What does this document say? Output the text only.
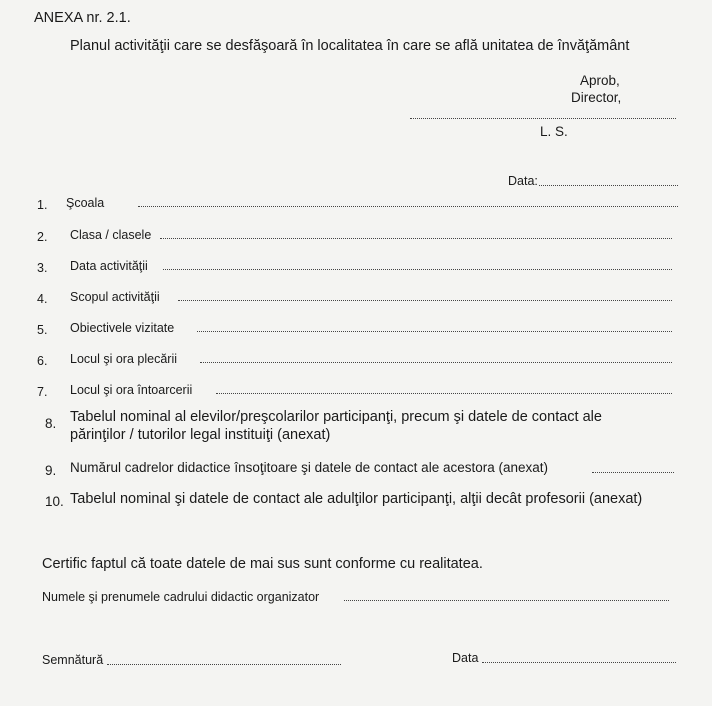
ANEXA nr. 2.1.
Planul activităţii care se desfăşoară în localitatea în care se află unitatea de învăţământ
Aprob,
Director,
L. S.
Data:
1. Şcoala
2. Clasa / clasele
3. Data activităţii
4. Scopul activităţii
5. Obiectivele vizitate
6. Locul şi ora plecării
7. Locul şi ora întoarcerii
8. Tabelul nominal al elevilor/preşcolarilor participanţi, precum şi datele de contact ale
părinţilor / tutorilor legal instituiţi (anexat)
9. Numărul cadrelor didactice însoţitoare şi datele de contact ale acestora (anexat)
10. Tabelul nominal şi datele de contact ale adulţilor participanţi, alţii decât profesorii (anexat)
Certific faptul că toate datele de mai sus sunt conforme cu realitatea.
Numele şi prenumele cadrului didactic organizator
Semnătură	Data
